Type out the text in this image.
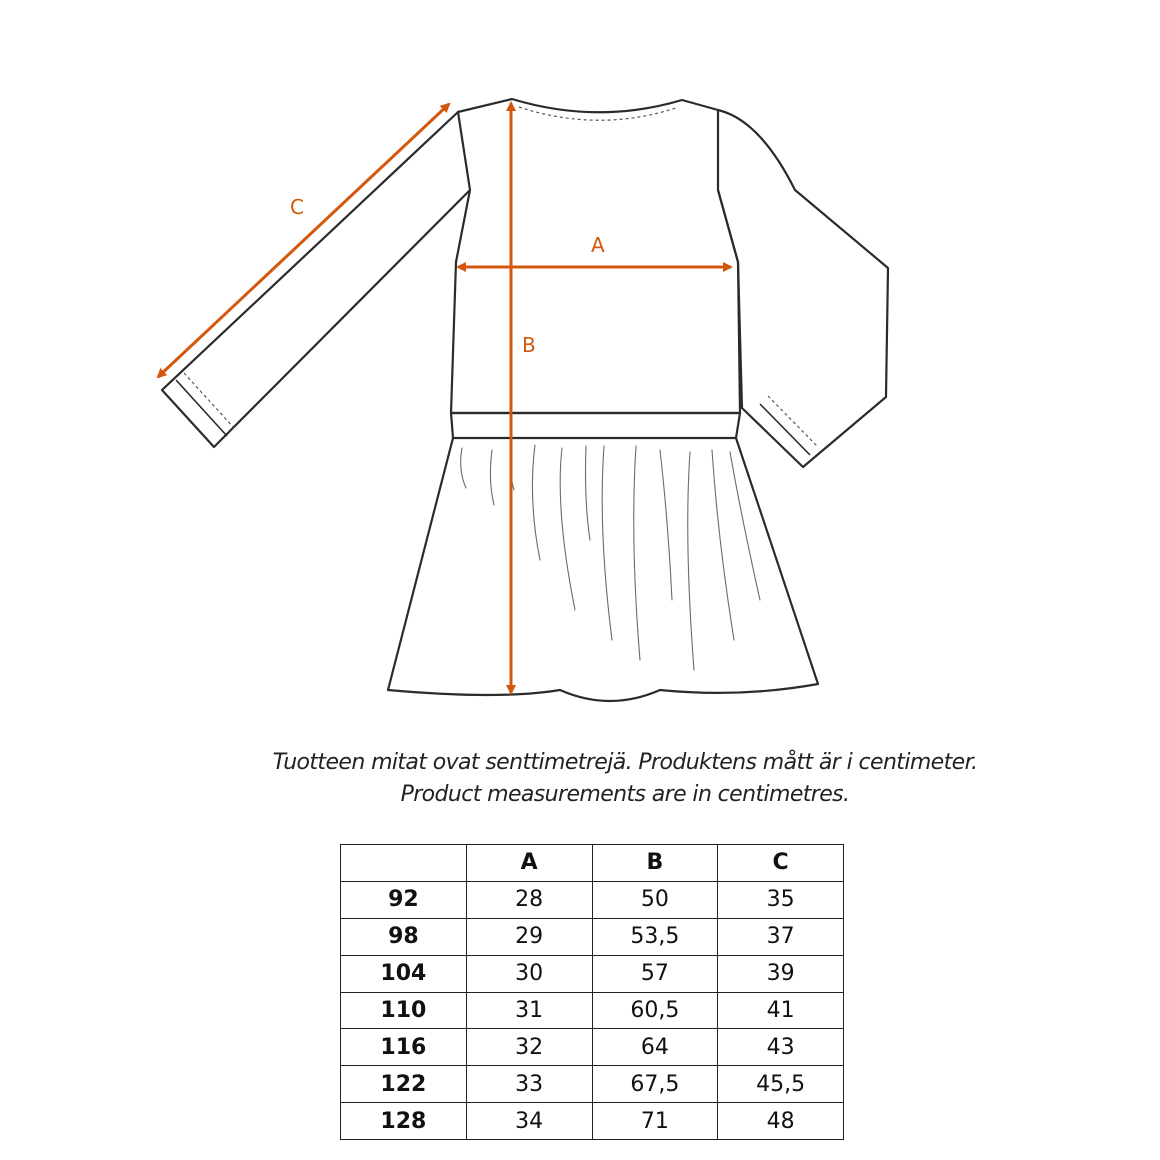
C
A
B
Tuotteen mitat ovat senttimetrejä. Produktens mått är i centimeter.
Product measurements are in centimetres.
	A	B	C
92	28	50	35
98	29	53,5	37
104	30	57	39
110	31	60,5	41
116	32	64	43
122	33	67,5	45,5
128	34	71	48
